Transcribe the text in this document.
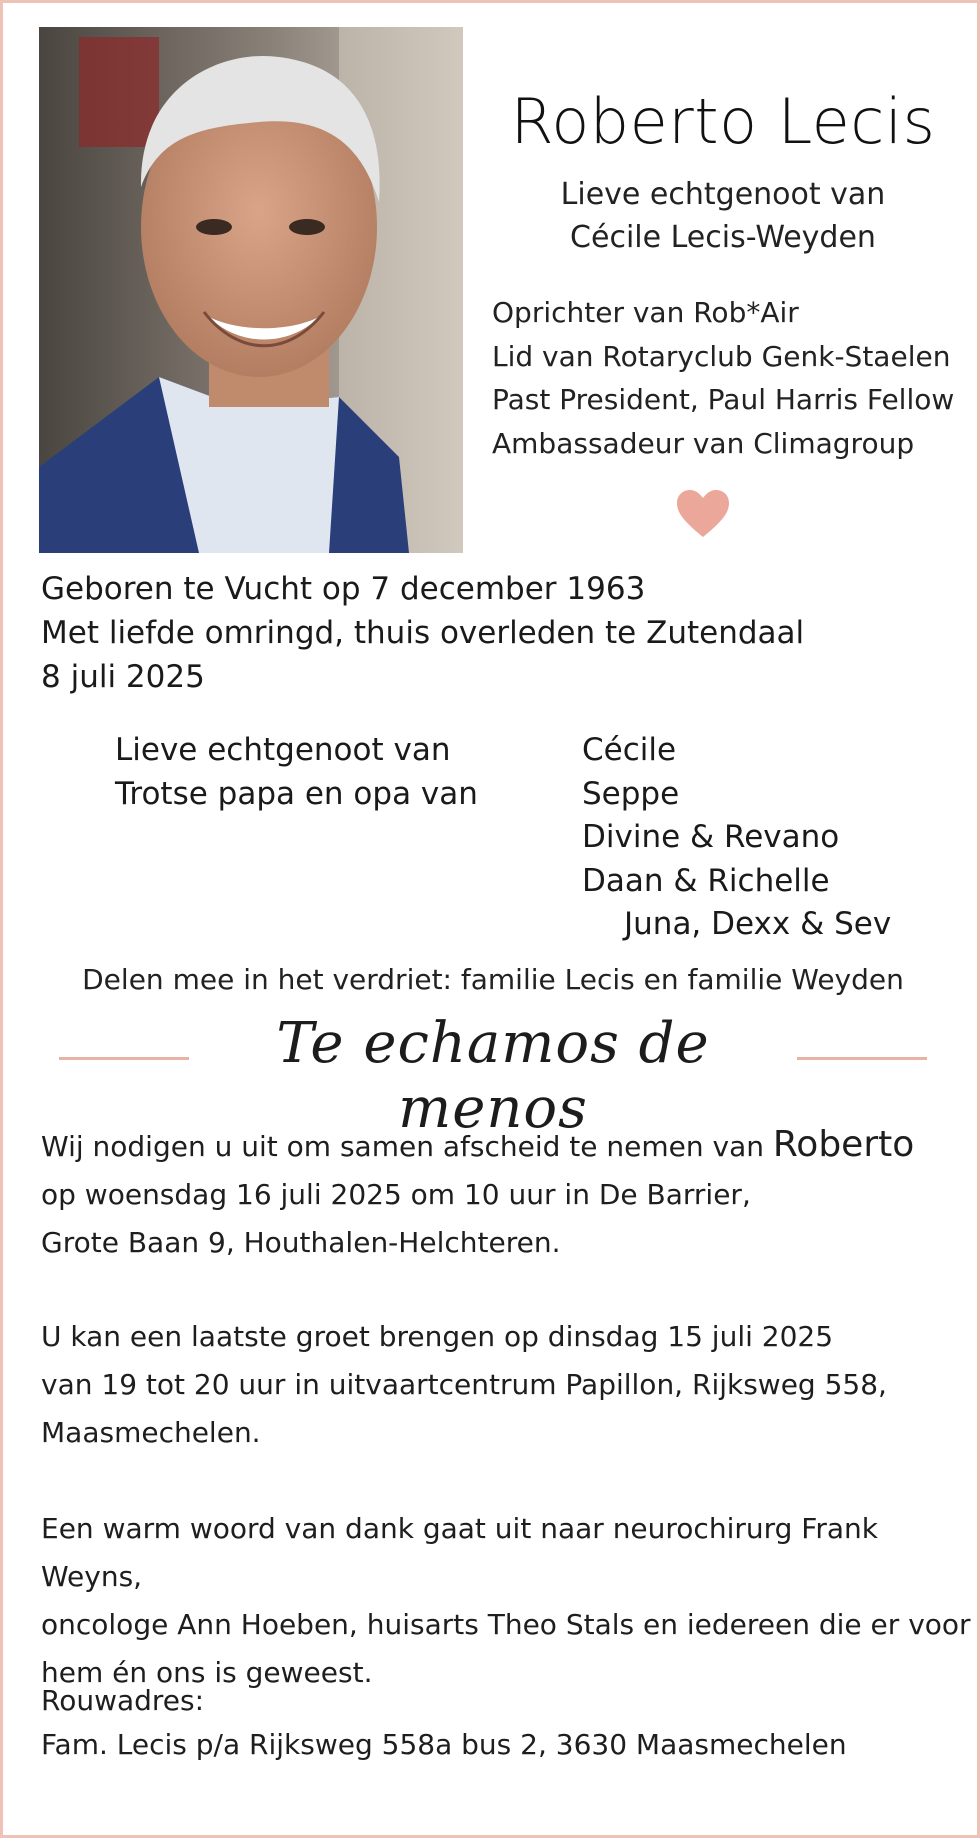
Roberto Lecis
Lieve echtgenoot van
Cécile Lecis-Weyden
Oprichter van Rob*Air
Lid van Rotaryclub Genk-Staelen
Past President, Paul Harris Fellow
Ambassadeur van Climagroup
Geboren te Vucht op 7 december 1963
Met liefde omringd, thuis overleden te Zutendaal
8 juli 2025
Lieve echtgenoot van
Trotse papa en opa van
Cécile
Seppe
Divine & Revano
Daan & Richelle
Juna, Dexx & Sev
Delen mee in het verdriet: familie Lecis en familie Weyden
Te echamos de menos
Wij nodigen u uit om samen afscheid te nemen van Roberto
op woensdag 16 juli 2025 om 10 uur in De Barrier,
Grote Baan 9, Houthalen-Helchteren.
U kan een laatste groet brengen op dinsdag 15 juli 2025
van 19 tot 20 uur in uitvaartcentrum Papillon, Rijksweg 558,
Maasmechelen.
Een warm woord van dank gaat uit naar neurochirurg Frank Weyns,
oncologe Ann Hoeben, huisarts Theo Stals en iedereen die er voor
hem én ons is geweest.
Rouwadres:
Fam. Lecis p/a Rijksweg 558a bus 2, 3630 Maasmechelen
